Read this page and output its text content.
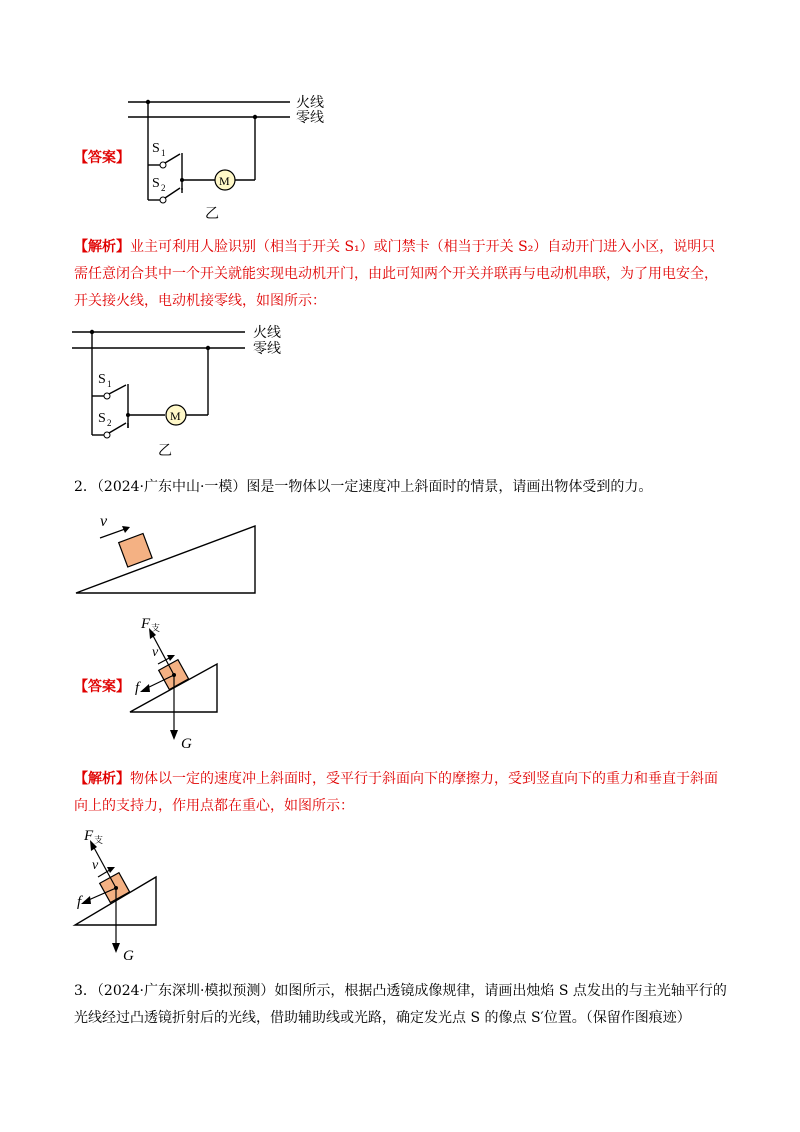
【答案】
火线
零线
S 1
S 2	M
乙
【解析】业主可利用人脸识别（相当于开关 S₁）或门禁卡（相当于开关 S₂）自动开门进入小区，说明只
需任意闭合其中一个开关就能实现电动机开门，由此可知两个开关并联再与电动机串联，为了用电安全，
开关接火线，电动机接零线，如图所示：
火线
零线
S 1
S 2	M
乙
2．（2024·广东中山·一模）图是一物体以一定速度冲上斜面时的情景，请画出物体受到的力。
v
【答案】
F 支
v
f
G
【解析】物体以一定的速度冲上斜面时，受平行于斜面向下的摩擦力，受到竖直向下的重力和垂直于斜面
向上的支持力，作用点都在重心，如图所示：
F 支
v
f
G
3．（2024·广东深圳·模拟预测）如图所示，根据凸透镜成像规律，请画出烛焰 S 点发出的与主光轴平行的
光线经过凸透镜折射后的光线，借助辅助线或光路，确定发光点 S 的像点 S′位置。（保留作图痕迹）
